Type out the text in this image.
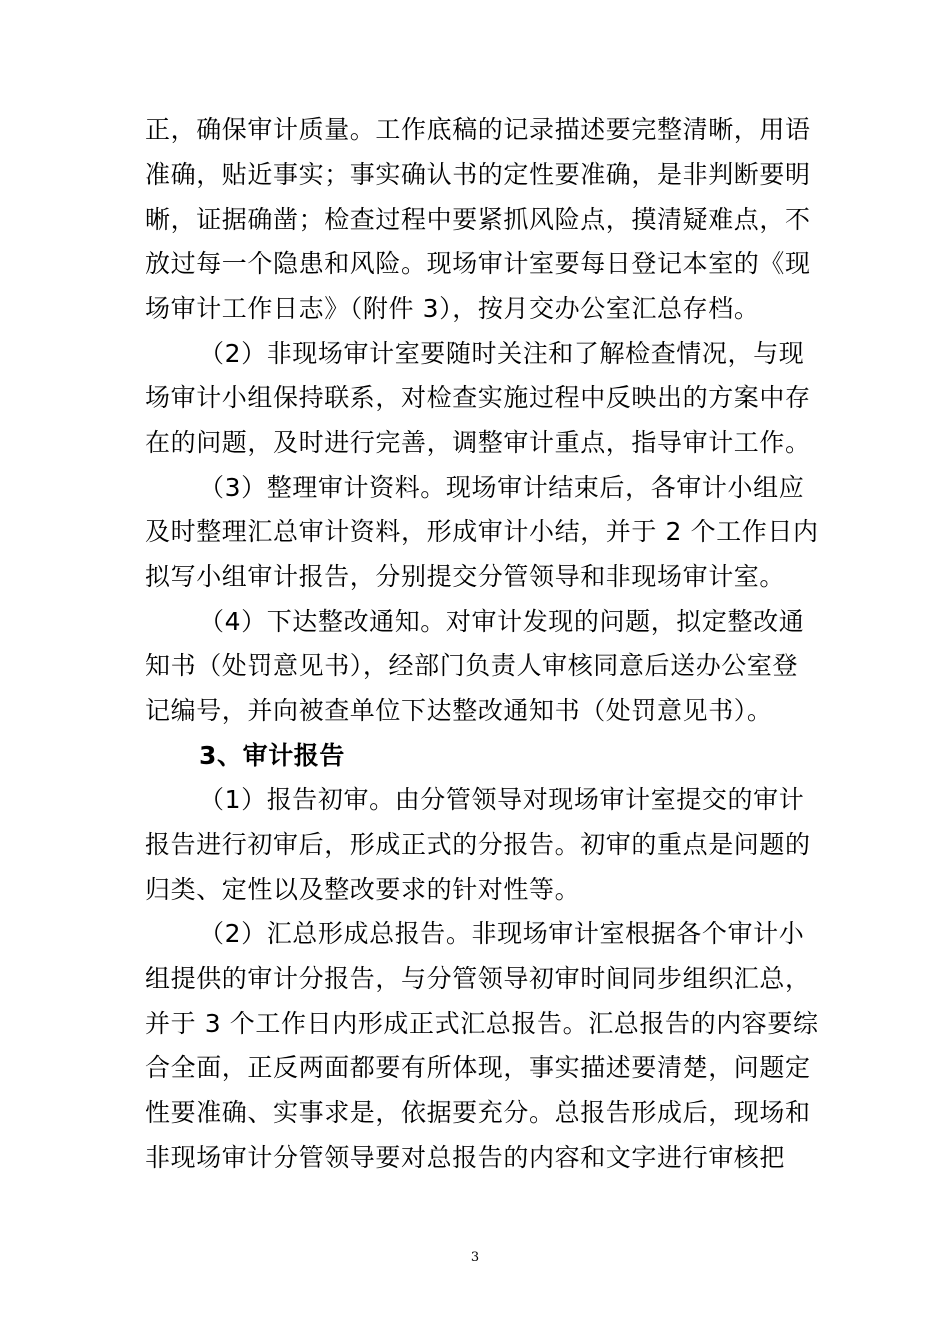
正，确保审计质量。工作底稿的记录描述要完整清晰，用语
准确，贴近事实；事实确认书的定性要准确，是非判断要明
晰，证据确凿；检查过程中要紧抓风险点，摸清疑难点，不
放过每一个隐患和风险。现场审计室要每日登记本室的《现
场审计工作日志》（附件 3），按月交办公室汇总存档。
（2）非现场审计室要随时关注和了解检查情况，与现
场审计小组保持联系，对检查实施过程中反映出的方案中存
在的问题，及时进行完善，调整审计重点，指导审计工作。
（3）整理审计资料。现场审计结束后，各审计小组应
及时整理汇总审计资料，形成审计小结，并于 2 个工作日内
拟写小组审计报告，分别提交分管领导和非现场审计室。
（4）下达整改通知。对审计发现的问题，拟定整改通
知书（处罚意见书），经部门负责人审核同意后送办公室登
记编号，并向被查单位下达整改通知书（处罚意见书）。
3、审计报告
（1）报告初审。由分管领导对现场审计室提交的审计
报告进行初审后，形成正式的分报告。初审的重点是问题的
归类、定性以及整改要求的针对性等。
（2）汇总形成总报告。非现场审计室根据各个审计小
组提供的审计分报告，与分管领导初审时间同步组织汇总，
并于 3 个工作日内形成正式汇总报告。汇总报告的内容要综
合全面，正反两面都要有所体现，事实描述要清楚，问题定
性要准确、实事求是，依据要充分。总报告形成后，现场和
非现场审计分管领导要对总报告的内容和文字进行审核把
3
